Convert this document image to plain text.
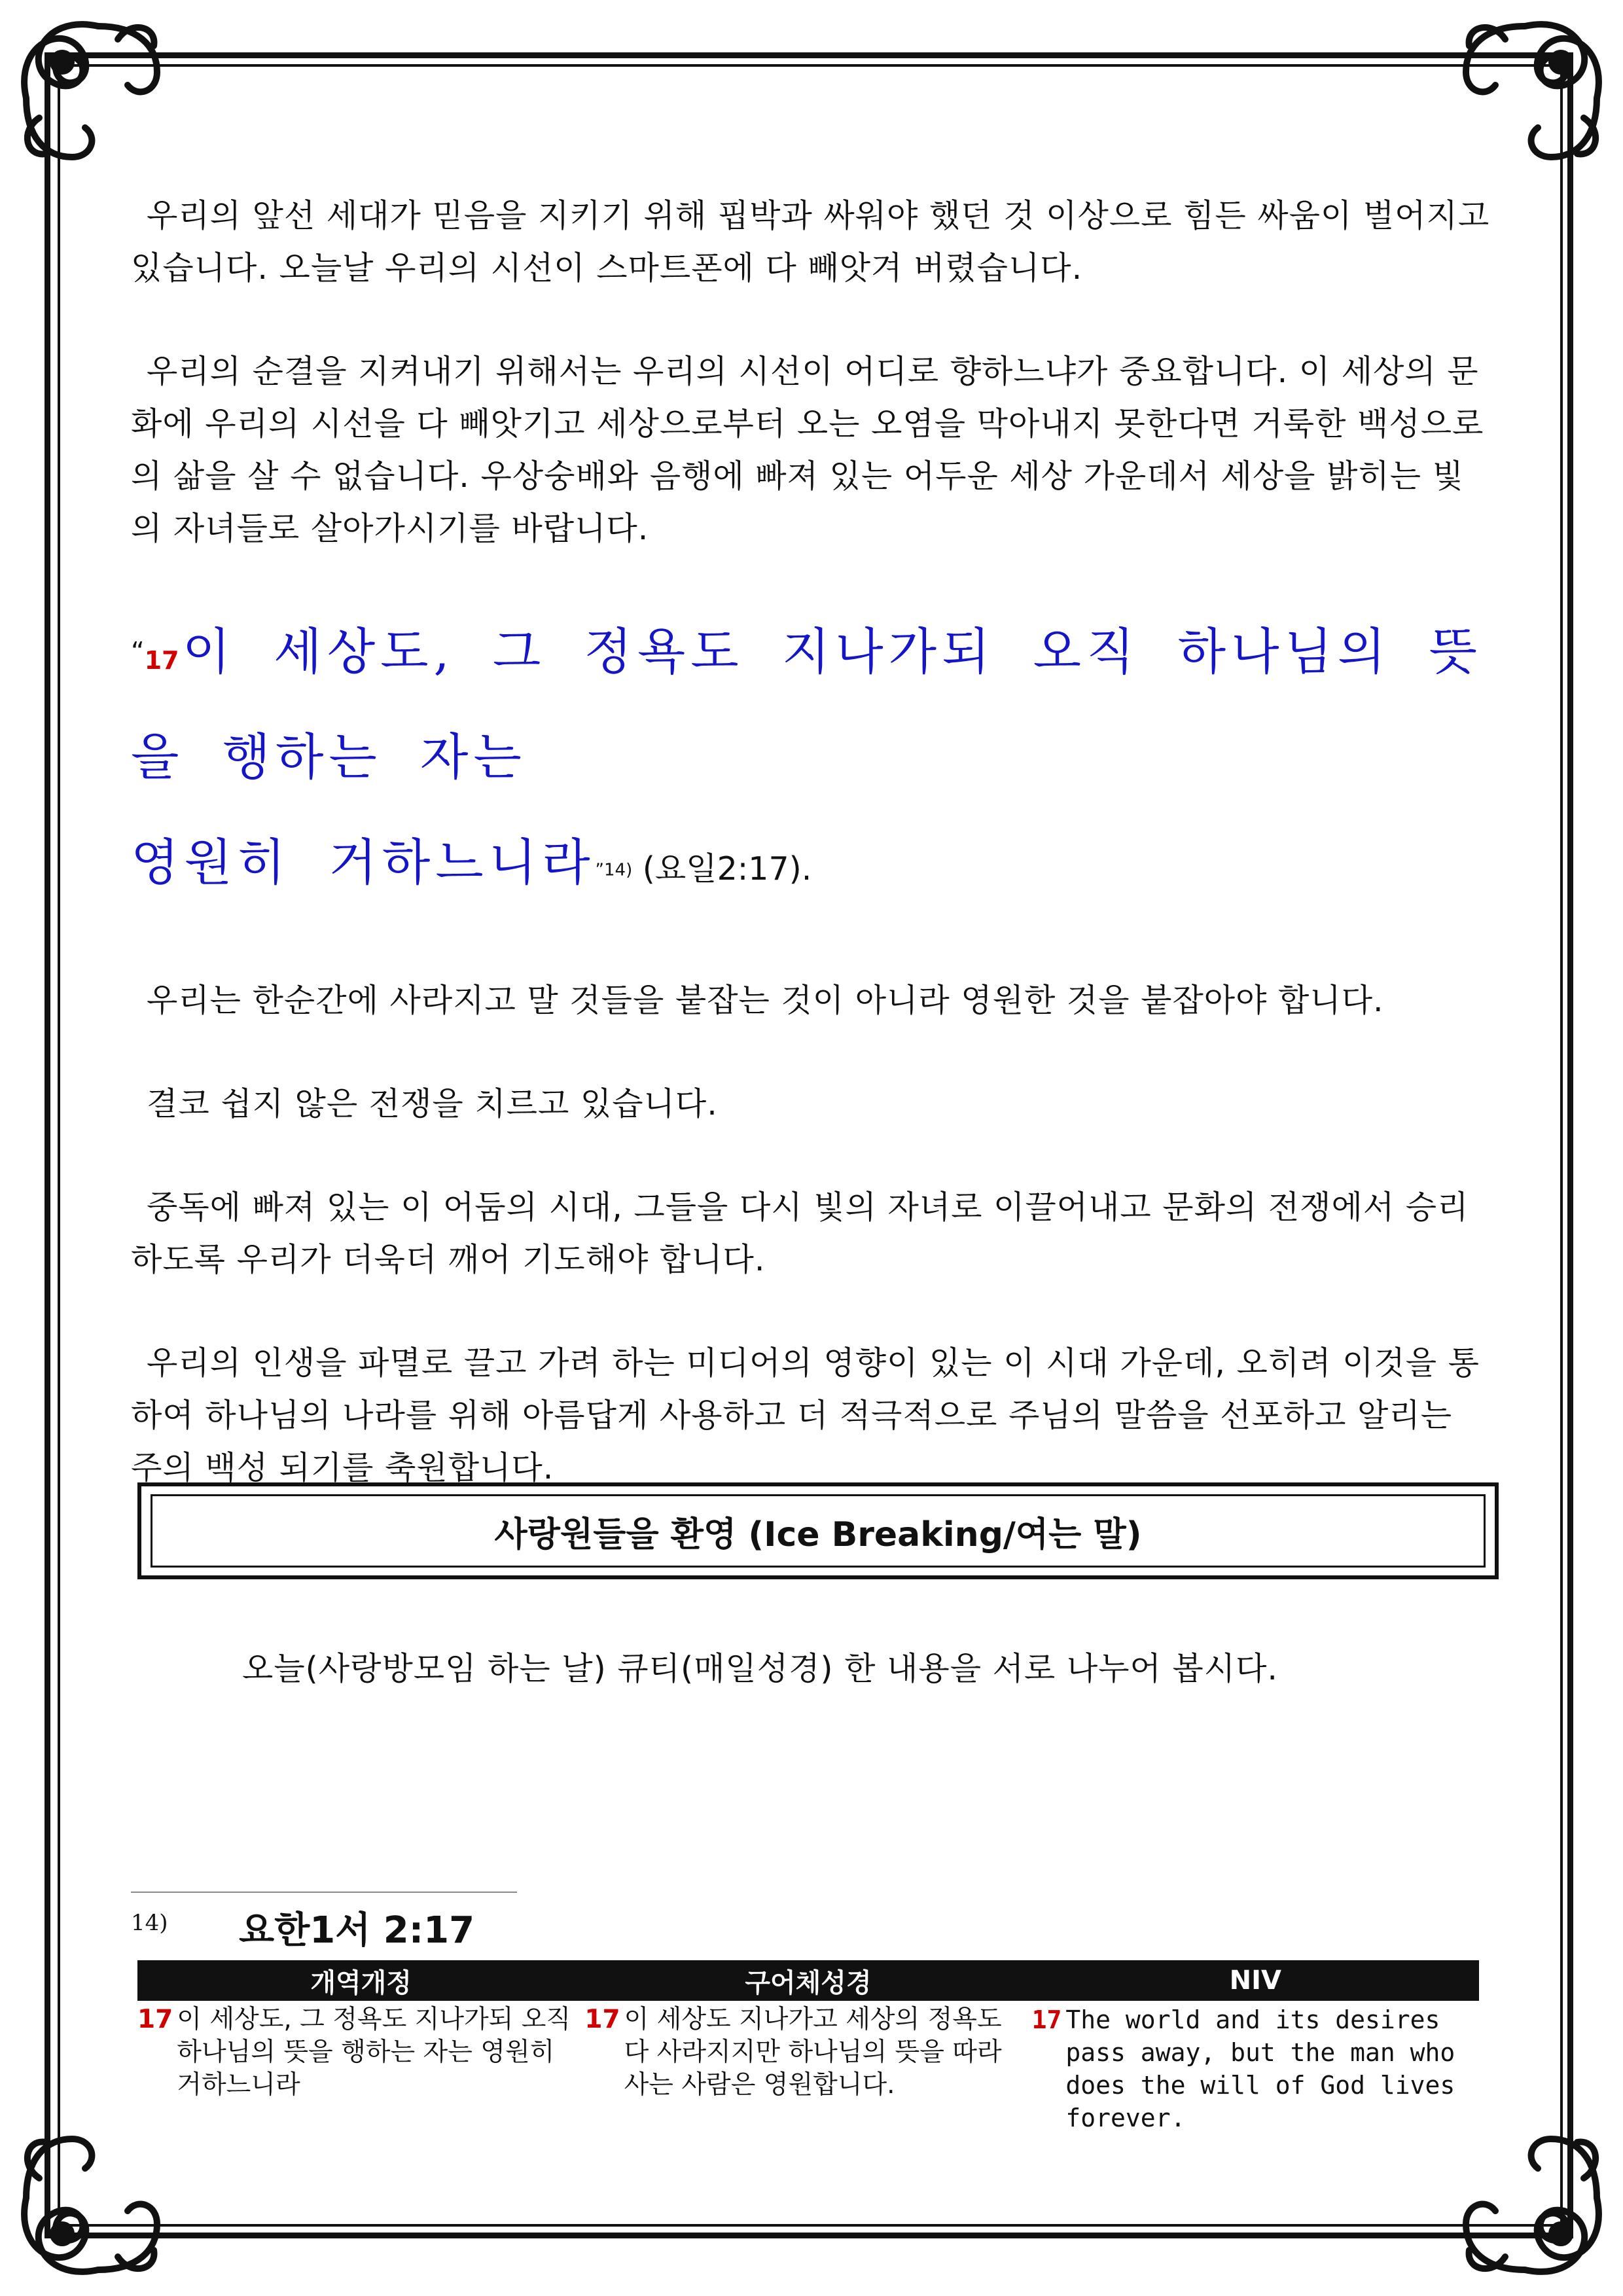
우리의 앞선 세대가 믿음을 지키기 위해 핍박과 싸워야 했던 것 이상으로 힘든 싸움이 벌어지고 있습니다. 오늘날 우리의 시선이 스마트폰에 다 빼앗겨 버렸습니다.

우리의 순결을 지켜내기 위해서는 우리의 시선이 어디로 향하느냐가 중요합니다. 이 세상의 문화에 우리의 시선을 다 빼앗기고 세상으로부터 오는 오염을 막아내지 못한다면 거룩한 백성으로의 삶을 살 수 없습니다. 우상숭배와 음행에 빠져 있는 어두운 세상 가운데서 세상을 밝히는 빛의 자녀들로 살아가시기를 바랍니다.

“17 이 세상도, 그 정욕도 지나가되 오직 하나님의 뜻을 행하는 자는
영원히 거하느니라”14) (요일2:17).

우리는 한순간에 사라지고 말 것들을 붙잡는 것이 아니라 영원한 것을 붙잡아야 합니다.

결코 쉽지 않은 전쟁을 치르고 있습니다.

중독에 빠져 있는 이 어둠의 시대, 그들을 다시 빛의 자녀로 이끌어내고 문화의 전쟁에서 승리하도록 우리가 더욱더 깨어 기도해야 합니다.

우리의 인생을 파멸로 끌고 가려 하는 미디어의 영향이 있는 이 시대 가운데, 오히려 이것을 통하여 하나님의 나라를 위해 아름답게 사용하고 더 적극적으로 주님의 말씀을 선포하고 알리는 주의 백성 되기를 축원합니다.

사랑원들을 환영 (Ice Breaking/여는 말)
오늘(사랑방모임 하는 날) 큐티(매일성경) 한 내용을 서로 나누어 봅시다.
14) 요한1서 2:17
개역개정	구어체성경	NIV

17 이 세상도, 그 정욕도 지나가되 오직 하나님의 뜻을 행하는 자는 영원히 거하느니라	17 이 세상도 지나가고 세상의 정욕도 다 사라지지만 하나님의 뜻을 따라 사는 사람은 영원합니다.	17 The world and its desires pass away, but the man who does the will of God lives forever.
